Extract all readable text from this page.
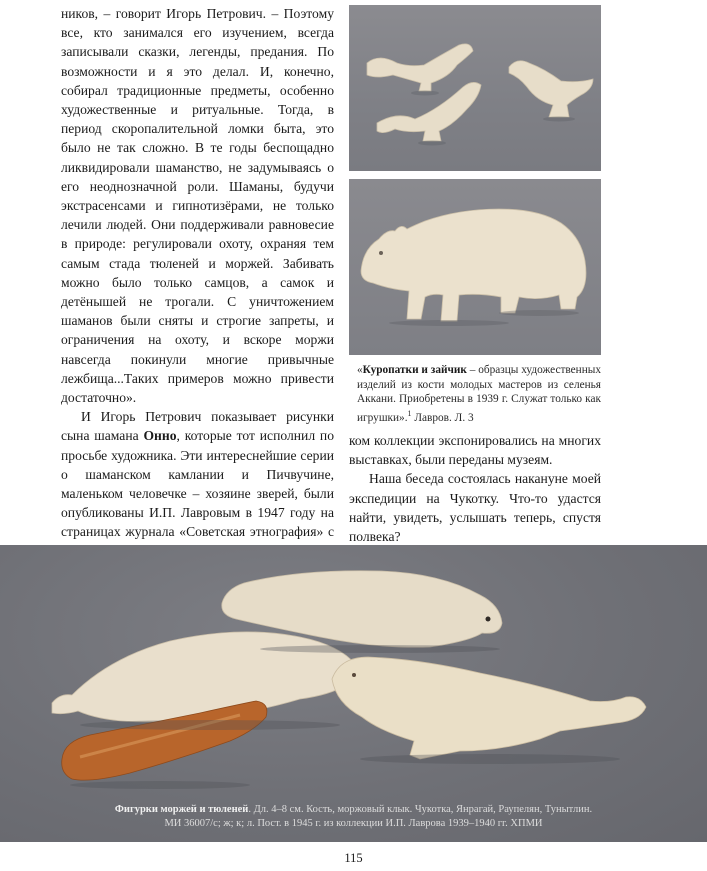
ников, – говорит Игорь Петрович. – Поэтому все, кто занимался его изучением, всегда записывали сказки, легенды, предания. По возможности и я это делал. И, конечно, собирал традиционные предметы, особенно художественные и ритуальные. Тогда, в период скоропалительной ломки быта, это было не так сложно. В те годы беспощадно ликвидировали шаманство, не задумываясь о его неоднозначной роли. Шаманы, будучи экстрасенсами и гипнотизёрами, не только лечили людей. Они поддерживали равновесие в природе: регулировали охоту, охраняя тем самым стада тюленей и моржей. Забивать можно было только самцов, а самок и детёнышей не трогали. С уничтожением шаманов были сняты и строгие запреты, и ограничения на охоту, и вскоре моржи навсегда покинули многие привычные лежбища...Таких примеров можно привести достаточно».

И Игорь Петрович показывает рисунки сына шамана Онно, которые тот исполнил по просьбе художника. Эти интереснейшие серии о шаманском камлании и Пичвучине, маленьком человечке – хозяине зверей, были опубликованы И.П. Лавровым в 1947 году на страницах журнала «Советская этнография» с

«Куропатки и зайчик – образцы художественных изделий из кости молодых мастеров из селенья Аккани. Приобретены в 1939 г. Служат только как игрушки».$^1$ Лавров. Л. 3

ком коллекции экспонировались на многих выставках, были переданы музеям.

Наша беседа состоялась накануне моей экспедиции на Чукотку. Что-то удастся найти, увидеть, услышать теперь, спустя полвека?

Фигурки моржей и тюленей. Дл. 4–8 см. Кость, моржовый клык. Чукотка, Янрагай, Раупелян, Тунытлин.
МИ 36007/с; ж; к; л. Пост. в 1945 г. из коллекции И.П. Лаврова 1939–1940 гг. ХПМИ
115
